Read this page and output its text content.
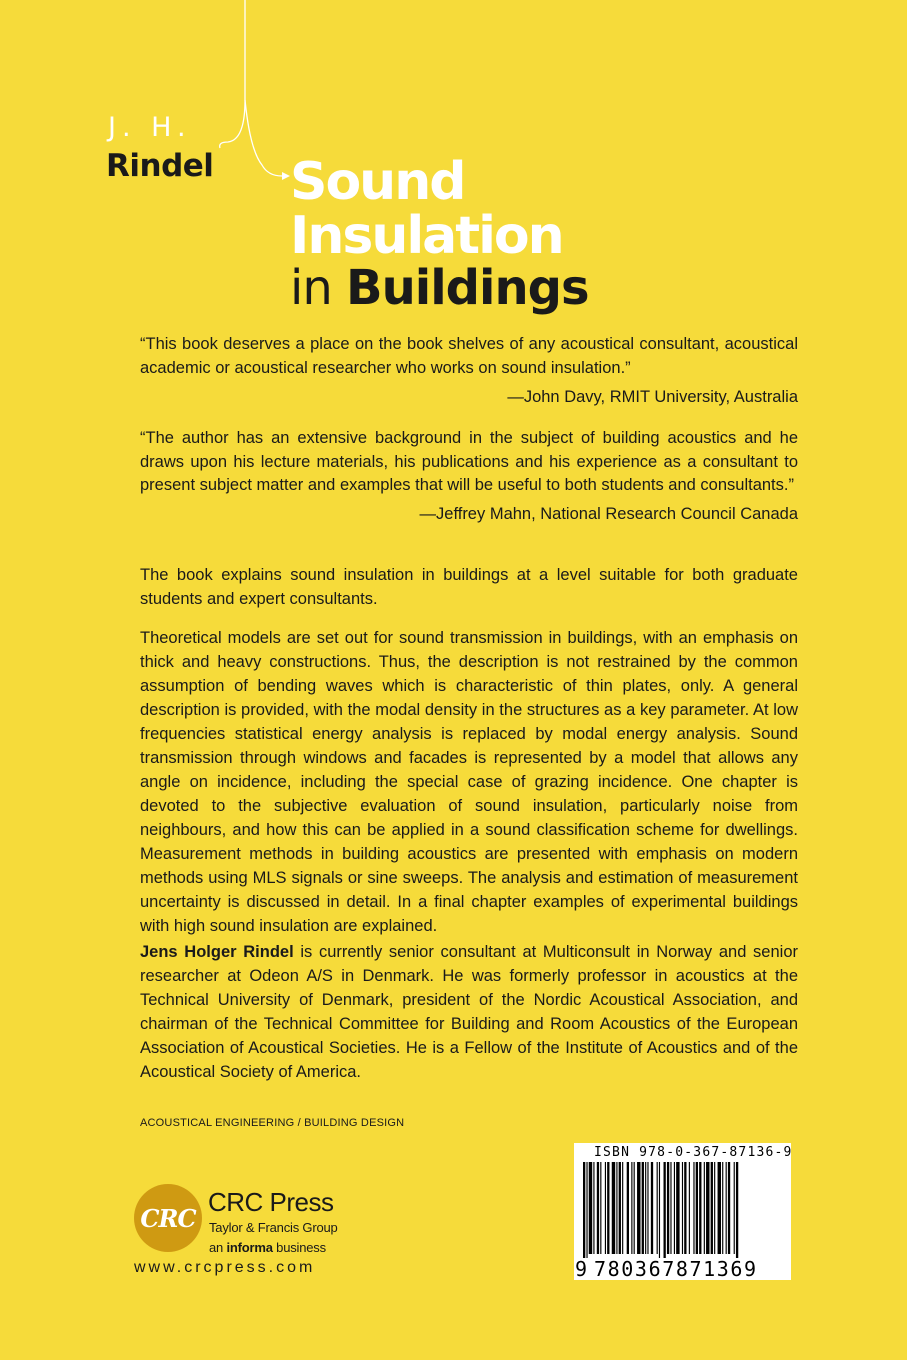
J. H.
Rindel Sound
Insulation
in Buildings
“This book deserves a place on the book shelves of any acoustical consultant, acoustical academic or acoustical researcher who works on sound insulation.”
—John Davy, RMIT University, Australia
“The author has an extensive background in the subject of building acoustics and he draws upon his lecture materials, his publications and his experience as a consultant to present subject matter and examples that will be useful to both students and consultants.”
—Jeffrey Mahn, National Research Council Canada
The book explains sound insulation in buildings at a level suitable for both graduate students and expert consultants.
Theoretical models are set out for sound transmission in buildings, with an emphasis on thick and heavy constructions. Thus, the description is not restrained by the common assumption of bending waves which is characteristic of thin plates, only. A general description is provided, with the modal density in the structures as a key parameter. At low frequencies statistical energy analysis is replaced by modal energy analysis. Sound transmission through windows and facades is represented by a model that allows any angle on incidence, including the special case of grazing incidence. One chapter is devoted to the subjective evaluation of sound insulation, particularly noise from neighbours, and how this can be applied in a sound classification scheme for dwellings. Measurement methods in building acoustics are presented with emphasis on modern methods using MLS signals or sine sweeps. The analysis and estimation of measurement uncertainty is discussed in detail. In a final chapter examples of experimental buildings with high sound insulation are explained.
Jens Holger Rindel is currently senior consultant at Multiconsult in Norway and senior researcher at Odeon A/S in Denmark. He was formerly professor in acoustics at the Technical University of Denmark, president of the Nordic Acoustical Association, and chairman of the Technical Committee for Building and Room Acoustics of the European Association of Acoustical Societies. He is a Fellow of the Institute of Acoustics and of the Acoustical Society of America.
ACOUSTICAL ENGINEERING / BUILDING DESIGN
CRC
CRC Press
Taylor & Francis Group
an informa business
www.crcpress.com
ISBN 978-0-367-87136-9
9 780367871369
